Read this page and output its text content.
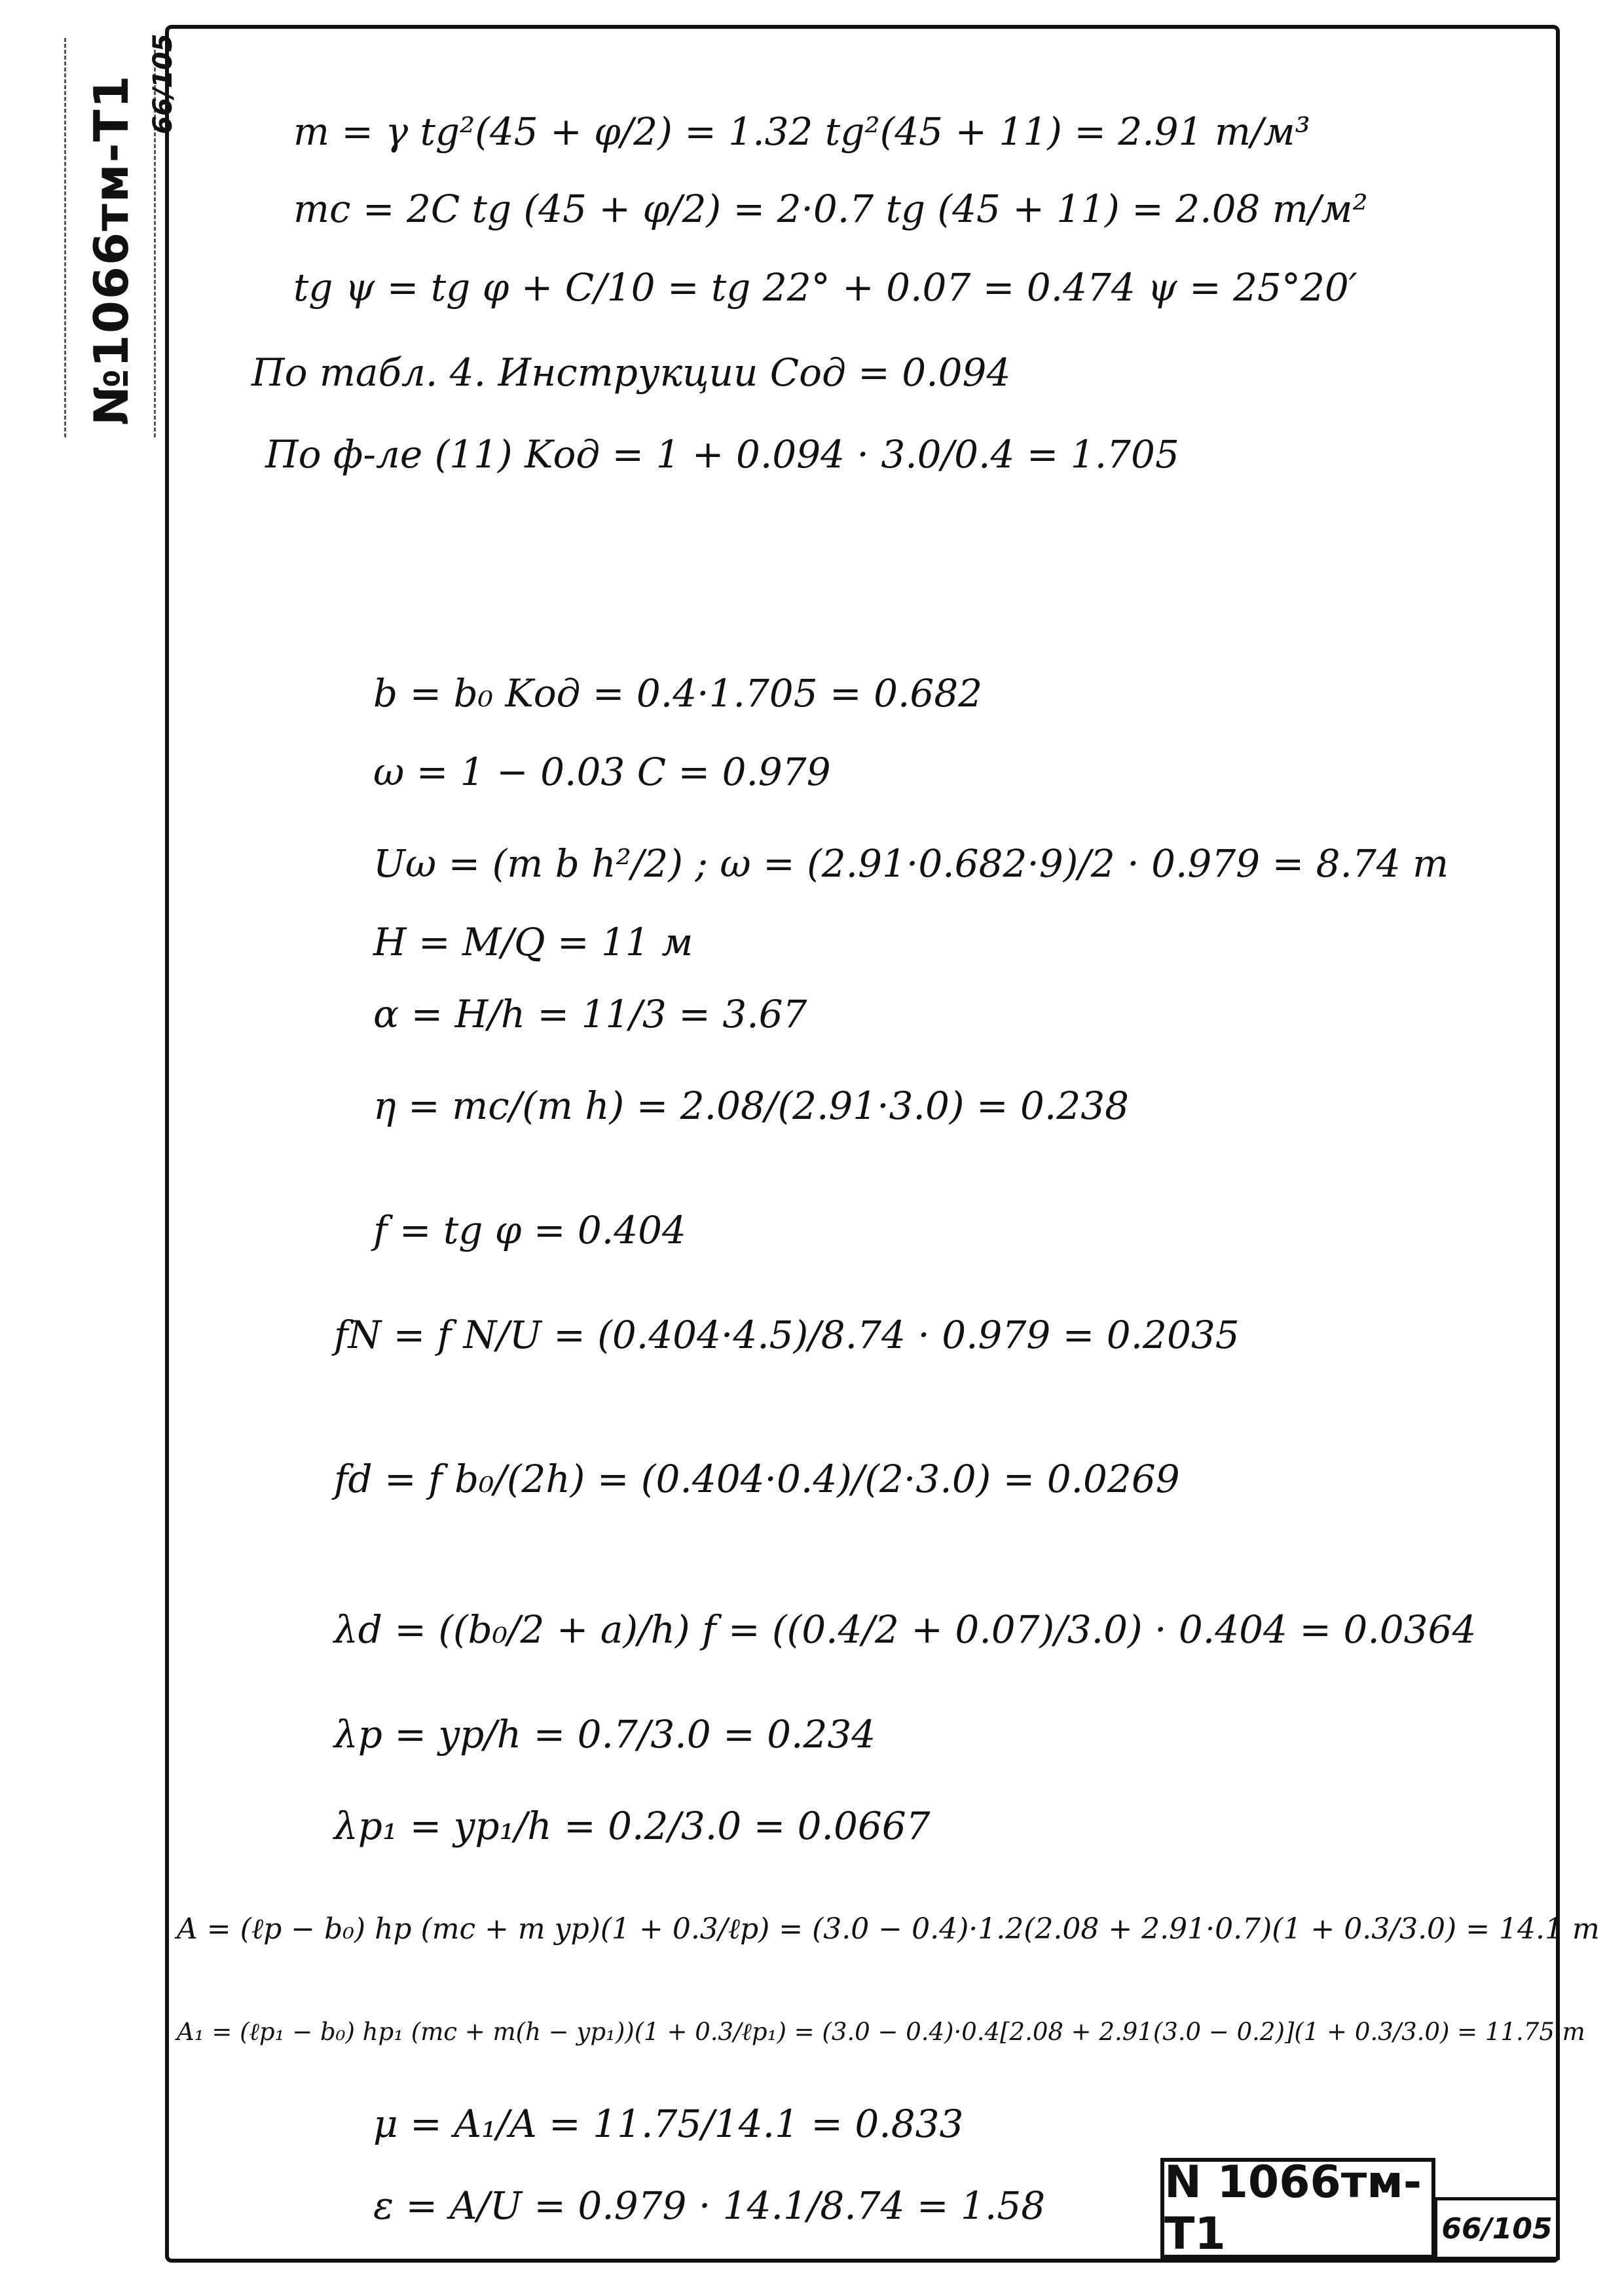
№1066тм-Т1 66/105	m = γ tg²(45 + φ/2) = 1.32 tg²(45 + 11) = 2.91 т/м³
mc = 2C tg (45 + φ/2) = 2·0.7 tg (45 + 11) = 2.08 т/м²
tg ψ = tg φ + C/10 = tg 22° + 0.07 = 0.474 ψ = 25°20′
По табл. 4. Инструкции Cод = 0.094
По ф-ле (11) Kод = 1 + 0.094 · 3.0/0.4 = 1.705
b = b₀ Kод = 0.4·1.705 = 0.682
ω = 1 − 0.03 C = 0.979
Uω = (m b h²/2) ; ω = (2.91·0.682·9)/2 · 0.979 = 8.74 т
H = M/Q = 11 м
α = H/h = 11/3 = 3.67
η = mc/(m h) = 2.08/(2.91·3.0) = 0.238
f = tg φ = 0.404
fN = f N/U = (0.404·4.5)/8.74 · 0.979 = 0.2035
fd = f b₀/(2h) = (0.404·0.4)/(2·3.0) = 0.0269
λd = ((b₀/2 + a)/h) f = ((0.4/2 + 0.07)/3.0) · 0.404 = 0.0364
λp = yp/h = 0.7/3.0 = 0.234
λp₁ = yp₁/h = 0.2/3.0 = 0.0667
A = (ℓp − b₀) hp (mc + m yp)(1 + 0.3/ℓp) = (3.0 − 0.4)·1.2(2.08 + 2.91·0.7)(1 + 0.3/3.0) = 14.1 т
A₁ = (ℓp₁ − b₀) hp₁ (mc + m(h − yp₁))(1 + 0.3/ℓp₁) = (3.0 − 0.4)·0.4[2.08 + 2.91(3.0 − 0.2)](1 + 0.3/3.0) = 11.75 т
μ = A₁/A = 11.75/14.1 = 0.833
ε = A/U = 0.979 · 14.1/8.74 = 1.58	N 1066тм-Т1	66/105
